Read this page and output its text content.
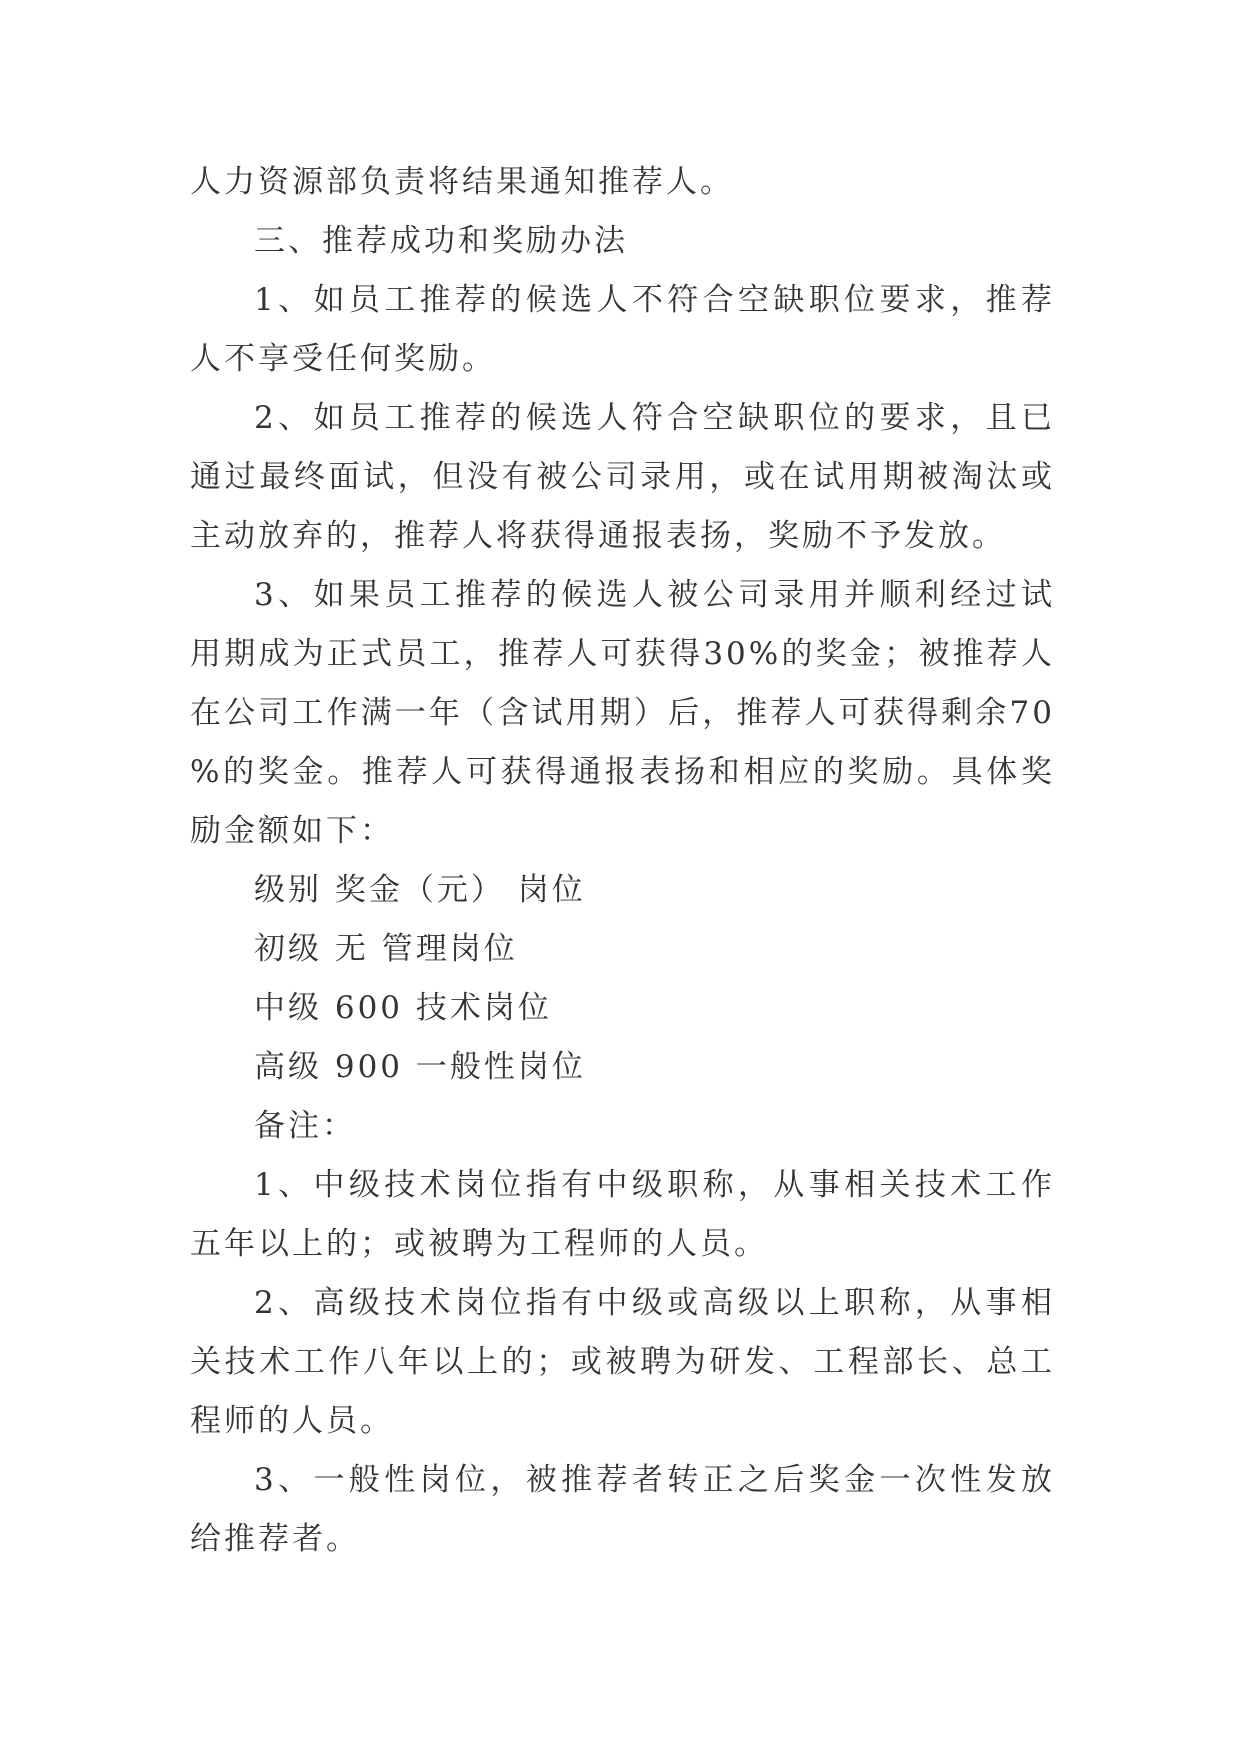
人力资源部负责将结果通知推荐人。

三、推荐成功和奖励办法

1、如员工推荐的候选人不符合空缺职位要求，推荐人不享受任何奖励。

2、如员工推荐的候选人符合空缺职位的要求，且已通过最终面试，但没有被公司录用，或在试用期被淘汰或主动放弃的，推荐人将获得通报表扬，奖励不予发放。

3、如果员工推荐的候选人被公司录用并顺利经过试用期成为正式员工，推荐人可获得30%的奖金；被推荐人在公司工作满一年（含试用期）后，推荐人可获得剩余70 %的奖金。推荐人可获得通报表扬和相应的奖励。具体奖励金额如下：

级别 奖金（元） 岗位

初级 无 管理岗位

中级 600 技术岗位

高级 900 一般性岗位

备注：

1、中级技术岗位指有中级职称，从事相关技术工作五年以上的；或被聘为工程师的人员。

2、高级技术岗位指有中级或高级以上职称，从事相关技术工作八年以上的；或被聘为研发、工程部长、总工程师的人员。

3、一般性岗位，被推荐者转正之后奖金一次性发放给推荐者。
